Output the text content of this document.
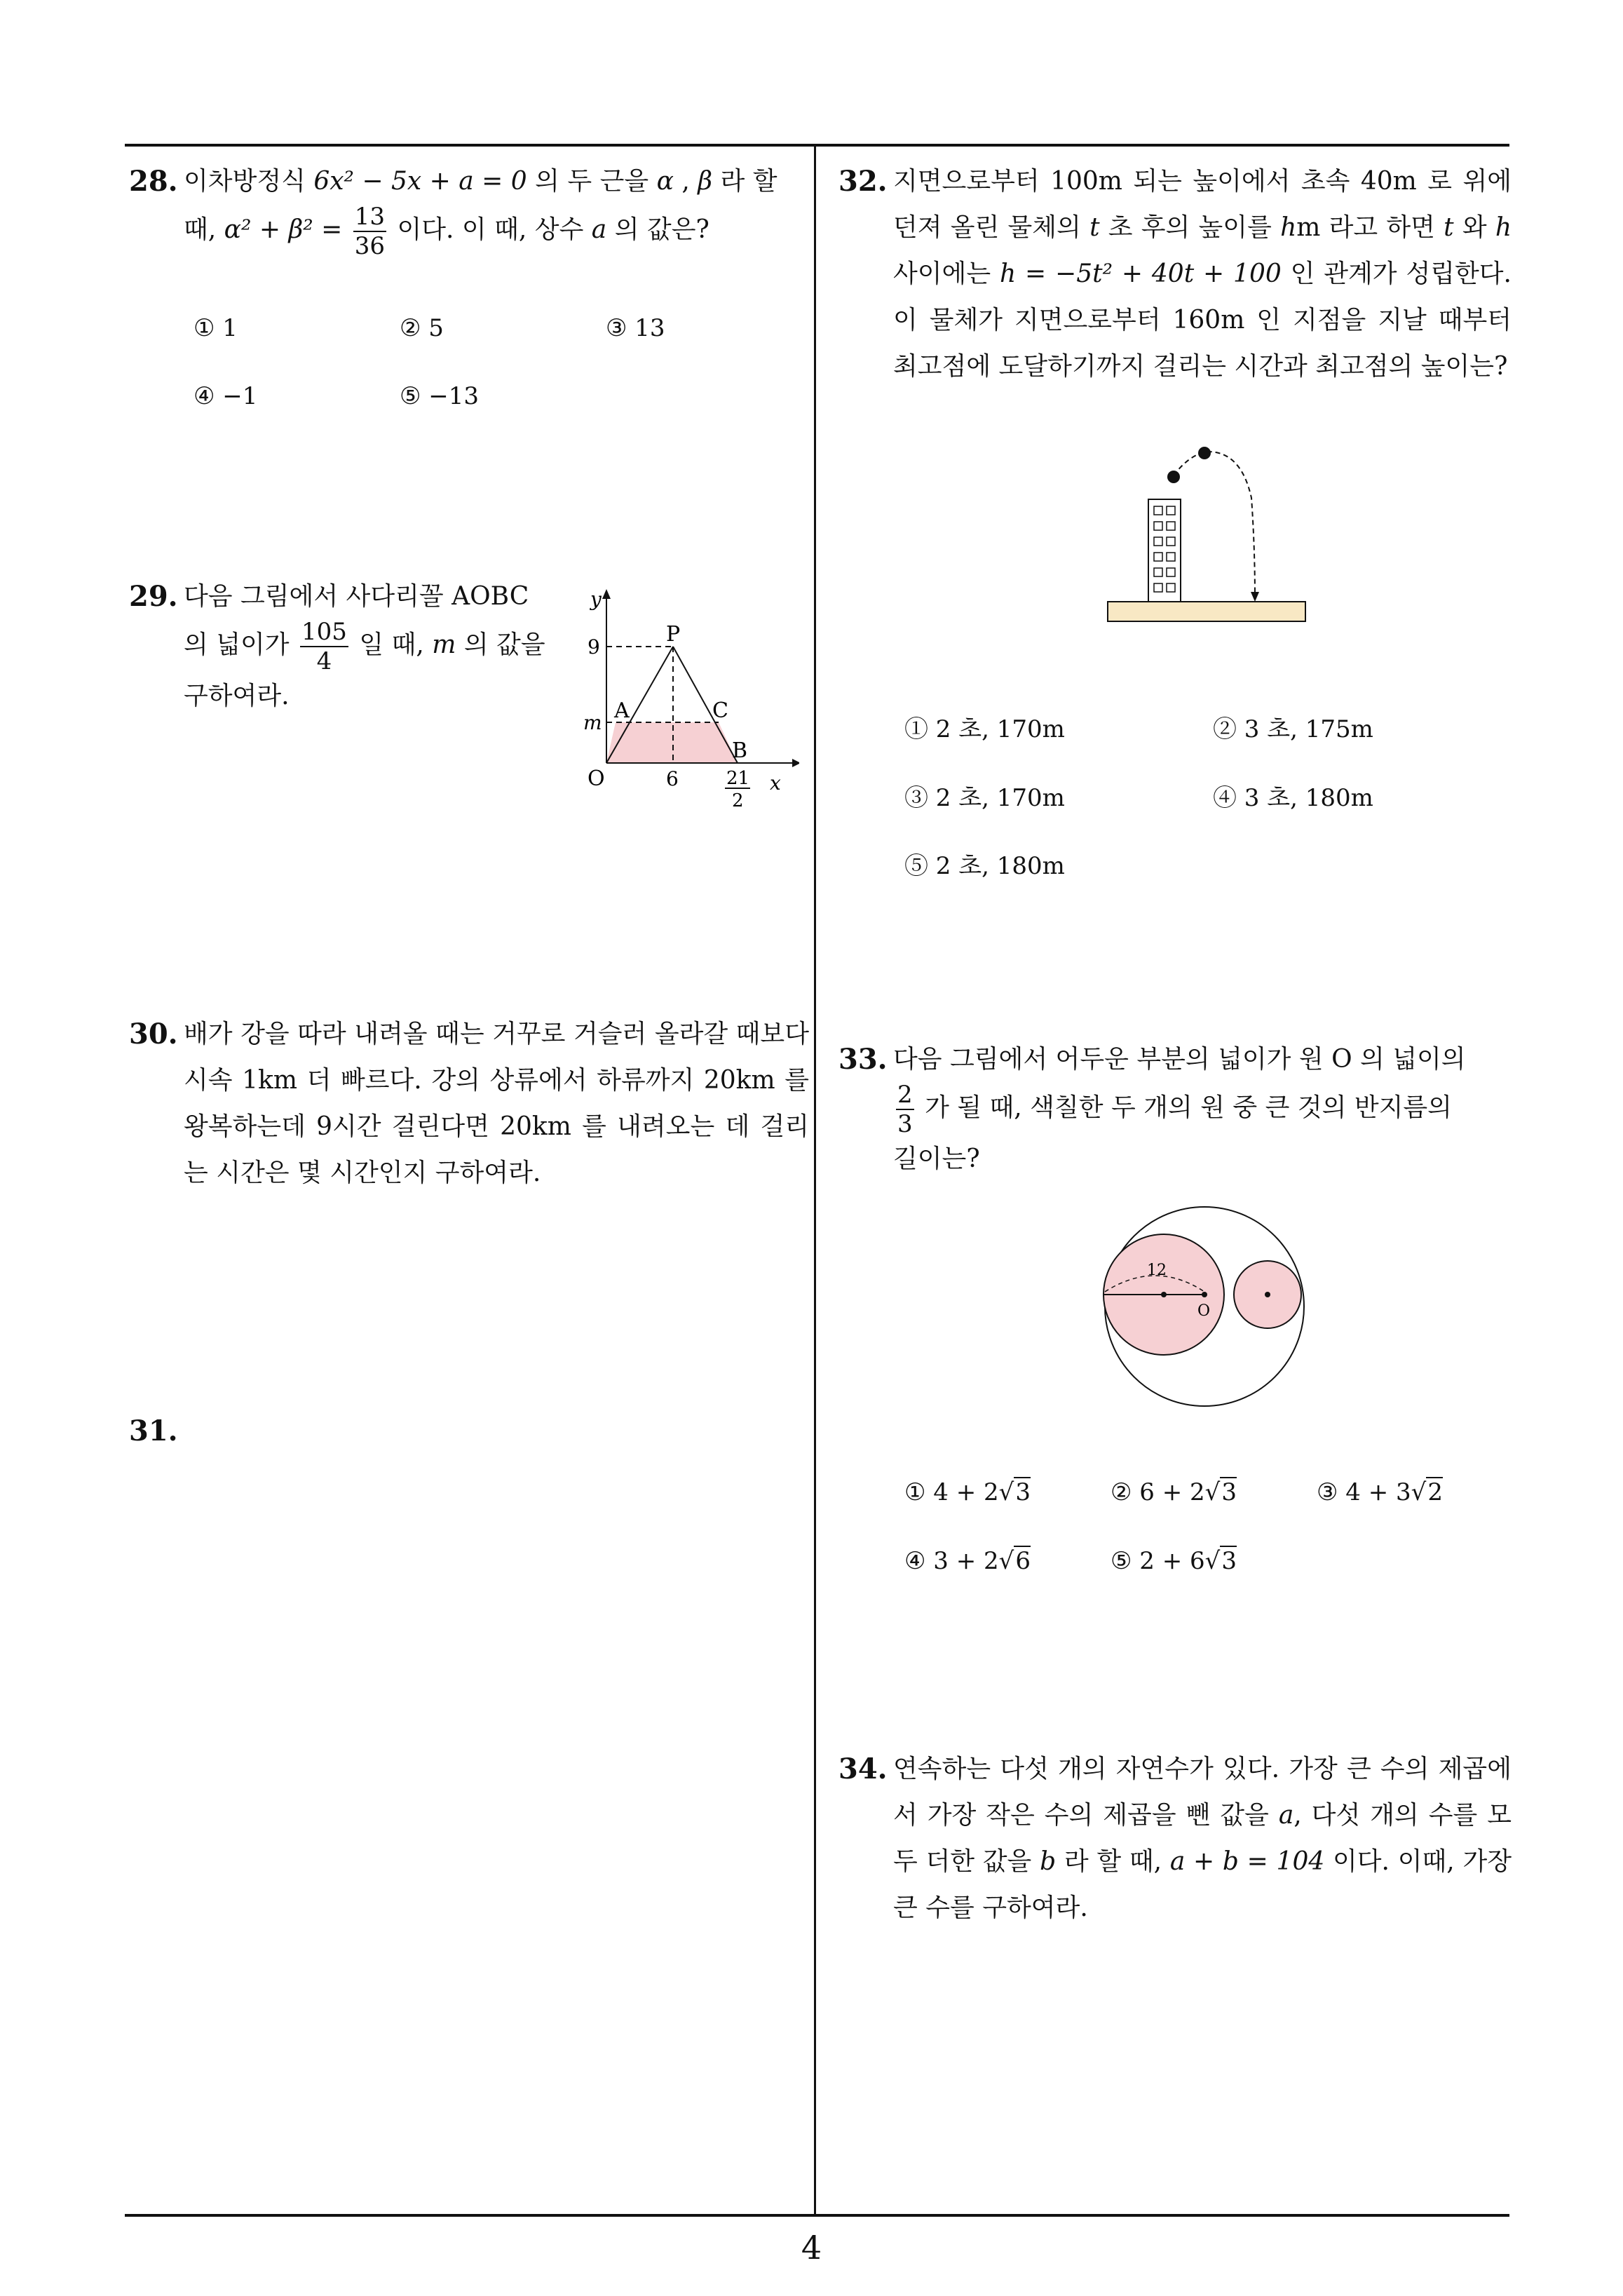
4
28. 이차방정식 6x² − 5x + a = 0 의 두 근을 α , β 라 할
때, $\alpha^2 + \beta^2 = \frac{13}{36}$ 이다. 이 때, 상수 a 의 값은?
① 1	② 5	③ 13
④ −1	⑤ −13
29. 다음 그림에서 사다리꼴 AOBC
의 넓이가 $\frac{105}{4}$ 일 때, m 의 값을
구하여라.
y
x
9
m
O	6
P
A	C
B
21
2
30. 배가 강을 따라 내려올 때는 거꾸로 거슬러 올라갈 때보다 시속 1km 더 빠르다. 강의 상류에서 하류까지 20km 를 왕복하는데 9시간 걸린다면 20km 를 내려오는 데 걸리는 시간은 몇 시간인지 구하여라.
31.
32. 지면으로부터 100m 되는 높이에서 초속 40m 로 위에 던져 올린 물체의 t 초 후의 높이를 hm 라고 하면 t 와 h 사이에는 h = −5t² + 40t + 100 인 관계가 성립한다. 이 물체가 지면으로부터 160m 인 지점을 지날 때부터 최고점에 도달하기까지 걸리는 시간과 최고점의 높이는?
① 2 초, 170m	② 3 초, 175m
③ 2 초, 170m	④ 3 초, 180m
⑤ 2 초, 180m
33. 다음 그림에서 어두운 부분의 넓이가 원 O 의 넓이의

$\frac{2}{3}$ 가 될 때, 색칠한 두 개의 원 중 큰 것의 반지름의
길이는?
12
O
① 4 + 2√3	② 6 + 2√3	③ 4 + 3√2
④ 3 + 2√6	⑤ 2 + 6√3
34. 연속하는 다섯 개의 자연수가 있다. 가장 큰 수의 제곱에서 가장 작은 수의 제곱을 뺀 값을 a, 다섯 개의 수를 모두 더한 값을 b 라 할 때, a + b = 104 이다. 이때, 가장 큰 수를 구하여라.
